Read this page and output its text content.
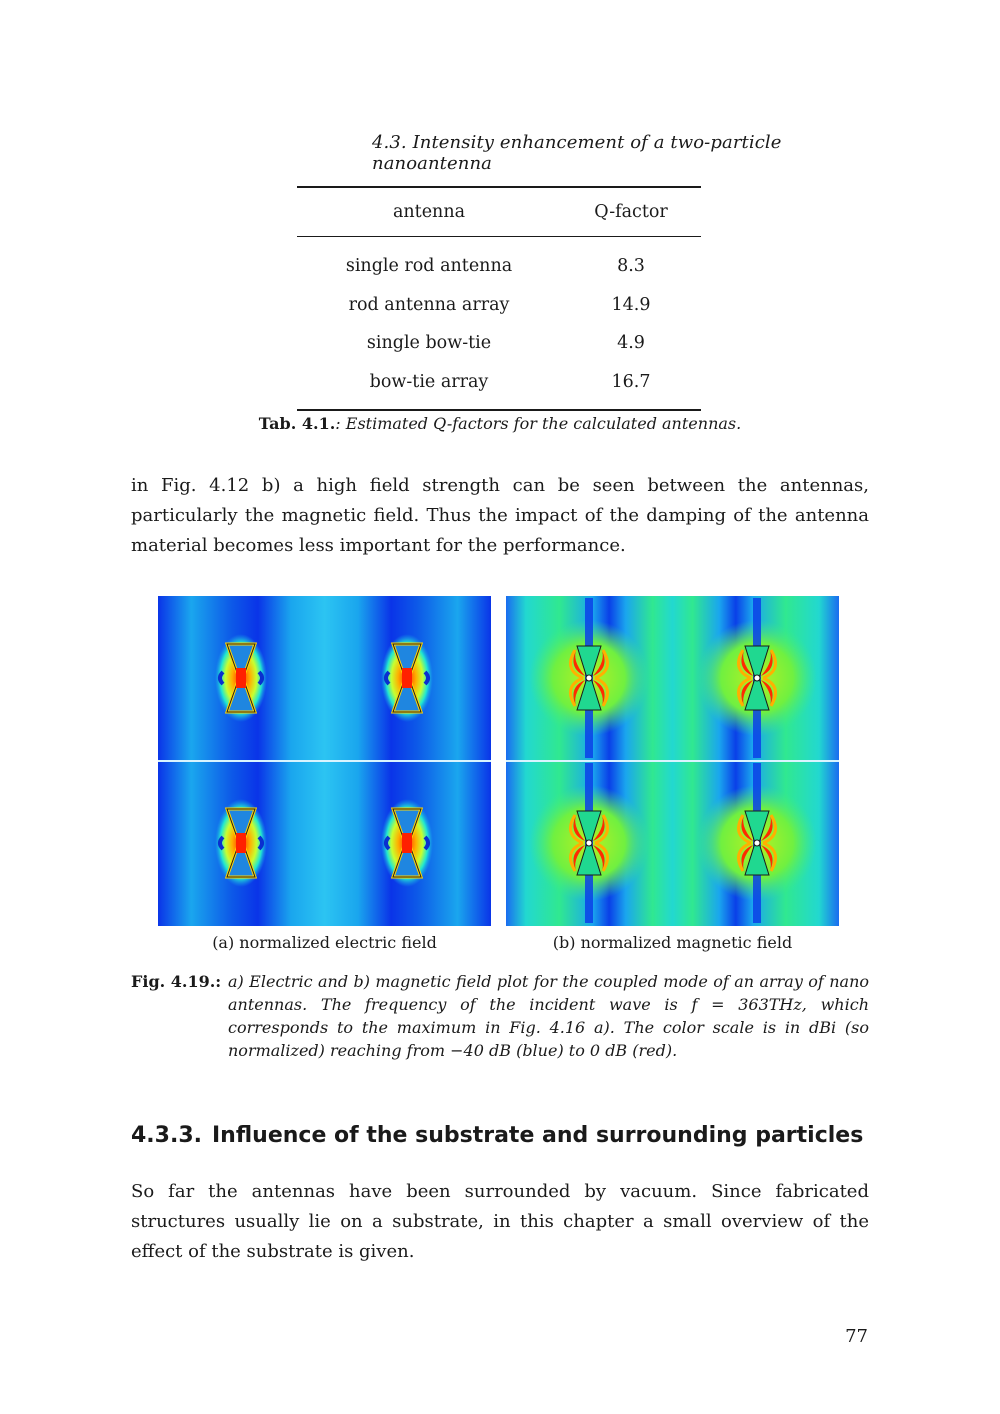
4.3. Intensity enhancement of a two-particle nanoantenna
antenna	Q-factor
single rod antenna	8.3
rod antenna array	14.9
single bow-tie	4.9
bow-tie array	16.7
Tab. 4.1.: Estimated Q-factors for the calculated antennas.
in Fig. 4.12 b) a high field strength can be seen between the antennas, particularly the magnetic field. Thus the impact of the damping of the antenna material becomes less important for the performance.
(a) normalized electric field	(b) normalized magnetic field
Fig. 4.19.: a) Electric and b) magnetic field plot for the coupled mode of an array of nano antennas. The frequency of the incident wave is f = 363THz, which corresponds to the maximum in Fig. 4.16 a). The color scale is in dBi (so normalized) reaching from −40 dB (blue) to 0 dB (red).
4.3.3. Influence of the substrate and surrounding particles
So far the antennas have been surrounded by vacuum. Since fabricated structures usually lie on a substrate, in this chapter a small overview of the effect of the substrate is given.
77
